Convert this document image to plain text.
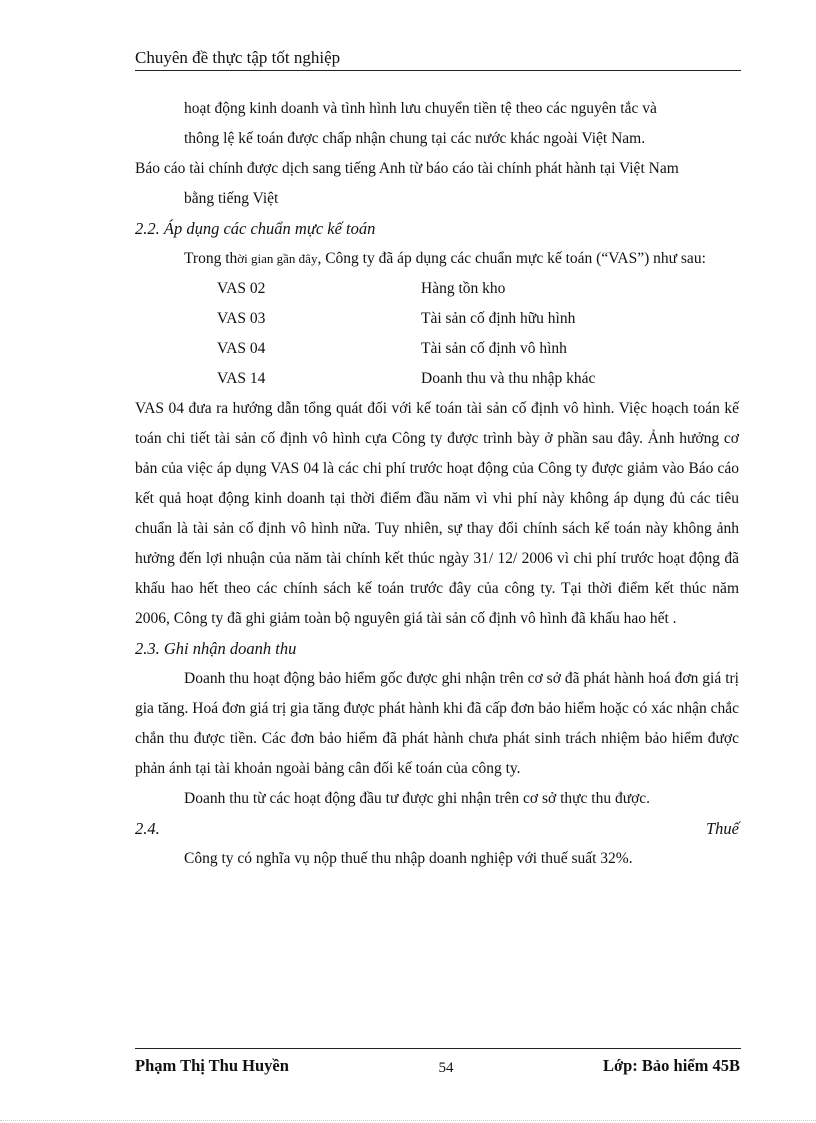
Chuyên đề thực tập tốt nghiệp

hoạt động kinh doanh và tình hình lưu chuyển tiền tệ theo các nguyên tắc và

thông lệ kế toán được chấp nhận chung tại các nước khác ngoài Việt Nam.

Báo cáo tài chính được dịch sang tiếng Anh từ báo cáo tài chính phát hành tại Việt Nam

bằng tiếng Việt

2.2. Áp dụng các chuẩn mực kế toán

Trong thời gian gần đây, Công ty đã áp dụng các chuẩn mực kế toán (“VAS”) như sau:

VAS 02	Hàng tồn kho
VAS 03	Tài sản cố định hữu hình
VAS 04	Tài sản cố định vô hình
VAS 14	Doanh thu và thu nhập khác

VAS 04 đưa ra hướng dẫn tổng quát đối với kế toán tài sản cố định vô hình. Việc hoạch toán kế toán chi tiết tài sản cố định vô hình cựa Công ty được trình bày ở phần sau đây. Ảnh hưởng cơ bản của việc áp dụng VAS 04 là các chi phí trước hoạt động của Công ty được giảm vào Báo cáo kết quả hoạt động kinh doanh tại thời điểm đầu năm vì vhi phí này không áp dụng đủ các tiêu chuẩn là tài sản cố định vô hình nữa. Tuy nhiên, sự thay đổi chính sách kế toán này không ảnh hưởng đến lợi nhuận của năm tài chính kết thúc ngày 31/ 12/ 2006 vì chi phí trước hoạt động đã khấu hao hết theo các chính sách kế toán trước đây của công ty. Tại thời điểm kết thúc năm 2006, Công ty đã ghi giảm toàn bộ nguyên giá tài sản cố định vô hình đã khấu hao hết .

2.3. Ghi nhận doanh thu

Doanh thu hoạt động bảo hiểm gốc được ghi nhận trên cơ sở đã phát hành hoá đơn giá trị gia tăng. Hoá đơn giá trị gia tăng được phát hành khi đã cấp đơn bảo hiểm hoặc có xác nhận chắc chắn thu được tiền. Các đơn bảo hiểm đã phát hành chưa phát sinh trách nhiệm bảo hiểm được phản ánh tại tài khoản ngoài bảng cân đối kế toán của công ty.

Doanh thu từ các hoạt động đầu tư được ghi nhận trên cơ sở thực thu được.

2.4.	Thuế

Công ty có nghĩa vụ nộp thuế thu nhập doanh nghiệp với thuế suất 32%.

Phạm Thị Thu Huyền	54	Lớp: Bảo hiểm 45B
